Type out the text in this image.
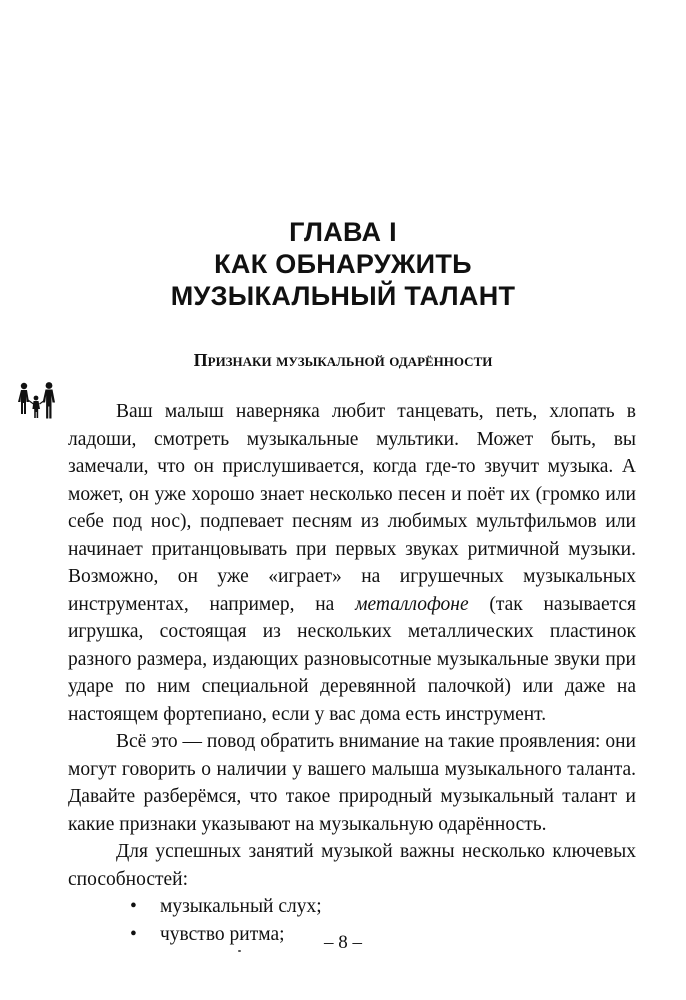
ГЛАВА I
КАК ОБНАРУЖИТЬ
МУЗЫКАЛЬНЫЙ ТАЛАНТ
Признаки музыкальной одарённости

Ваш малыш наверняка любит танцевать, петь, хлопать в ладоши, смотреть музыкальные мультики. Может быть, вы замечали, что он прислушивается, когда где-то звучит музыка. А может, он уже хорошо знает несколько песен и поёт их (громко или себе под нос), подпевает песням из любимых мультфильмов или начинает пританцовывать при первых звуках ритмичной музыки. Возможно, он уже «играет» на игрушечных музыкальных инструментах, например, на металлофоне (так называется игрушка, состоящая из нескольких металлических пластинок разного размера, издающих разновысотные музыкальные звуки при ударе по ним специальной деревянной палочкой) или даже на настоящем фортепиано, если у вас дома есть инструмент.

Всё это — повод обратить внимание на такие проявления: они могут говорить о наличии у вашего малыша музыкального таланта. Давайте разберёмся, что такое природный музыкальный талант и какие признаки указывают на музыкальную одарённость.

Для успешных занятий музыкой важны несколько ключевых способностей:

• музыкальный слух;
• чувство ритма;	– 8 –
